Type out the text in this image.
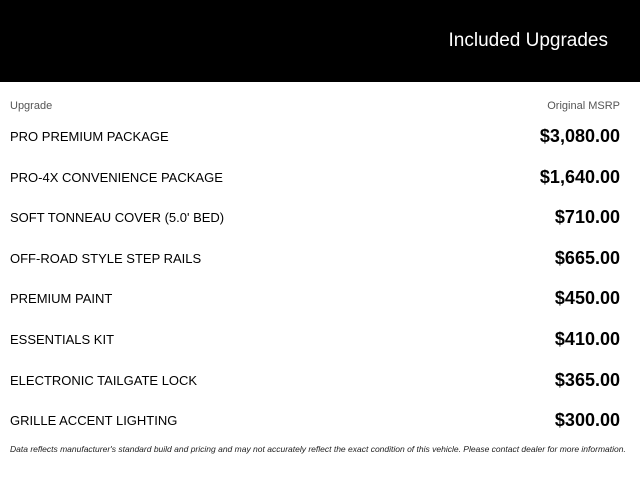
Included Upgrades
Upgrade	Original MSRP
PRO PREMIUM PACKAGE	$3,080.00
PRO-4X CONVENIENCE PACKAGE	$1,640.00
SOFT TONNEAU COVER (5.0' BED)	$710.00
OFF-ROAD STYLE STEP RAILS	$665.00
PREMIUM PAINT	$450.00
ESSENTIALS KIT	$410.00
ELECTRONIC TAILGATE LOCK	$365.00
GRILLE ACCENT LIGHTING	$300.00
Data reflects manufacturer's standard build and pricing and may not accurately reflect the exact condition of this vehicle. Please contact dealer for more information.
